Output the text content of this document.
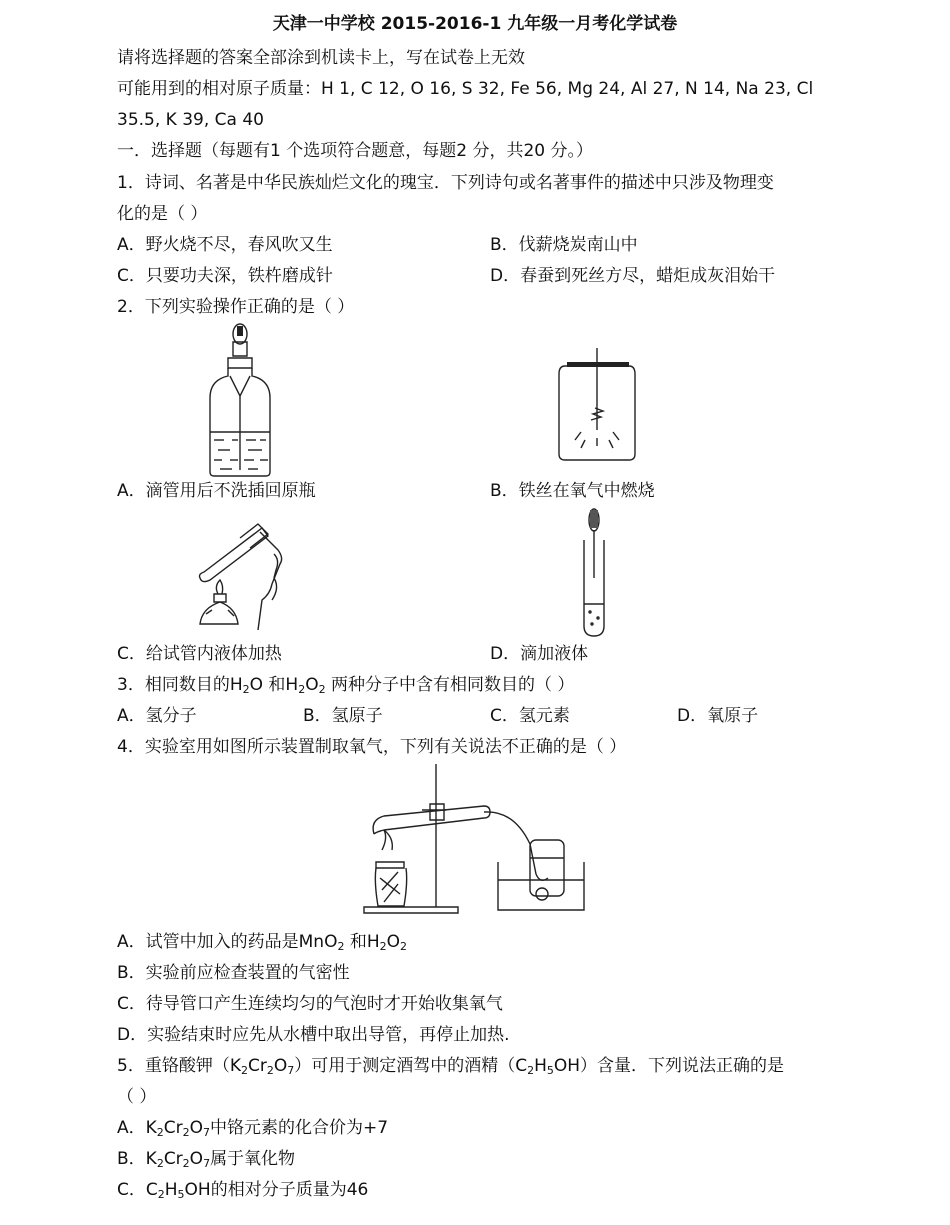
天津一中学校 2015-2016-1 九年级一月考化学试卷
请将选择题的答案全部涂到机读卡上，写在试卷上无效
可能用到的相对原子质量：H 1, C 12, O 16, S 32, Fe 56, Mg 24, Al 27, N 14, Na 23, Cl
35.5, K 39, Ca 40
一．选择题（每题有1 个选项符合题意，每题2 分，共20 分。）
1．诗词、名著是中华民族灿烂文化的瑰宝．下列诗句或名著事件的描述中只涉及物理变
化的是（ ）
A．野火烧不尽，春风吹又生	B．伐薪烧炭南山中
C．只要功夫深，铁杵磨成针	D．春蚕到死丝方尽，蜡炬成灰泪始干
2．下列实验操作正确的是（ ）
A．滴管用后不洗插回原瓶	B．铁丝在氧气中燃烧
C．给试管内液体加热	D．滴加液体
3．相同数目的$H_2O$ 和$H_2O_2$ 两种分子中含有相同数目的（ ）
A．氢分子	B．氢原子	C．氢元素	D．氧原子
4．实验室用如图所示装置制取氧气，下列有关说法不正确的是（ ）
A．试管中加入的药品是MnO$_2$ 和$H_2O_2$
B．实验前应检查装置的气密性
C．待导管口产生连续均匀的气泡时才开始收集氧气
D．实验结束时应先从水槽中取出导管，再停止加热.
5．重铬酸钾$(K_2Cr_2O_7)$可用于测定酒驾中的酒精$(C_2H_5OH)$含量．下列说法正确的是
（ ）
A．$K_2Cr_2O_7$中铬元素的化合价为+7
B．$K_2Cr_2O_7$属于氧化物
C．$C_2H_5OH$的相对分子质量为46
